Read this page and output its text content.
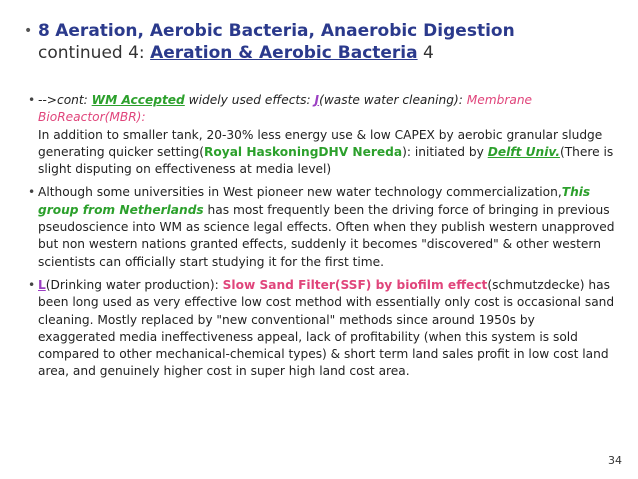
• 8 Aeration, Aerobic Bacteria, Anaerobic Digestion
continued 4: Aeration & Aerobic Bacteria 4

• -->cont: WM Accepted widely used effects: J(waste water cleaning): Membrane BioReactor(MBR):
In addition to smaller tank, 20-30% less energy use & low CAPEX by aerobic granular sludge generating quicker setting(Royal HaskoningDHV Nereda): initiated by Delft Univ.(There is slight disputing on effectiveness at media level)

• Although some universities in West pioneer new water technology commercialization,This group from Netherlands has most frequently been the driving force of bringing in previous pseudoscience into WM as science legal effects. Often when they publish western unapproved but non western nations granted effects, suddenly it becomes "discovered" & other western scientists can officially start studying it for the first time.

• L(Drinking water production): Slow Sand Filter(SSF) by biofilm effect(schmutzdecke) has been long used as very effective low cost method with essentially only cost is occasional sand cleaning. Mostly replaced by "new conventional" methods since around 1950s by exaggerated media ineffectiveness appeal, lack of profitability (when this system is sold compared to other mechanical-chemical types) & short term land sales profit in low cost land area, and genuinely higher cost in super high land cost area.

34
